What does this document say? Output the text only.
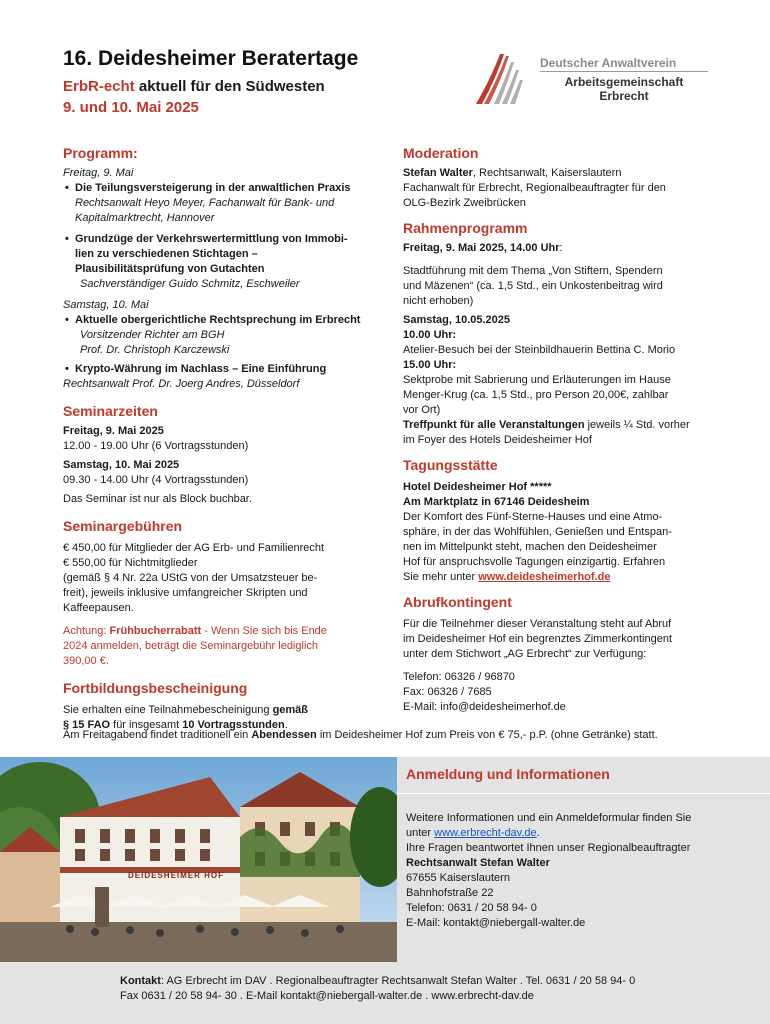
16. Deidesheimer Beratertage
ErbR-echt aktuell für den Südwesten
9. und 10. Mai 2025
Deutscher Anwaltverein
Arbeitsgemeinschaft
Erbrecht
Programm:
Freitag, 9. Mai
• Die Teilungsversteigerung in der anwaltlichen Praxis
Rechtsanwalt Heyo Meyer, Fachanwalt für Bank- und
Kapitalmarktrecht, Hannover
• Grundzüge der Verkehrswertermittlung von Immobi-
lien zu verschiedenen Stichtagen –
Plausibilitätsprüfung von Gutachten
Sachverständiger Guido Schmitz, Eschweiler
Samstag, 10. Mai
• Aktuelle obergerichtliche Rechtsprechung im Erbrecht
Vorsitzender Richter am BGH
Prof. Dr. Christoph Karczewski
• Krypto-Währung im Nachlass – Eine Einführung
Rechtsanwalt Prof. Dr. Joerg Andres, Düsseldorf
Seminarzeiten
Freitag, 9. Mai 2025
12.00 - 19.00 Uhr (6 Vortragsstunden)
Samstag, 10. Mai 2025
09.30 - 14.00 Uhr (4 Vortragsstunden)
Das Seminar ist nur als Block buchbar.
Seminargebühren
€ 450,00 für Mitglieder der AG Erb- und Familienrecht
€ 550,00 für Nichtmitglieder
(gemäß § 4 Nr. 22a UStG von der Umsatzsteuer be-
freit), jeweils inklusive umfangreicher Skripten und
Kaffeepausen.
Achtung: Frühbucherrabatt - Wenn Sie sich bis Ende
2024 anmelden, beträgt die Seminargebühr lediglich
390,00 €.
Fortbildungsbescheinigung
Sie erhalten eine Teilnahmebescheinigung gemäß
§ 15 FAO für insgesamt 10 Vortragsstunden.
Moderation
Stefan Walter, Rechtsanwalt, Kaiserslautern
Fachanwalt für Erbrecht, Regionalbeauftragter für den
OLG-Bezirk Zweibrücken
Rahmenprogramm
Freitag, 9. Mai 2025, 14.00 Uhr:
Stadtführung mit dem Thema „Von Stiftern, Spendern
und Mäzenen“ (ca. 1,5 Std., ein Unkostenbeitrag wird
nicht erhoben)
Samstag, 10.05.2025
10.00 Uhr:
Atelier-Besuch bei der Steinbildhauerin Bettina C. Morio
15.00 Uhr:
Sektprobe mit Sabrierung und Erläuterungen im Hause
Menger-Krug (ca. 1,5 Std., pro Person 20,00€, zahlbar
vor Ort)
Treffpunkt für alle Veranstaltungen jeweils ¼ Std. vorher
im Foyer des Hotels Deidesheimer Hof
Tagungsstätte
Hotel Deidesheimer Hof *****
Am Marktplatz in 67146 Deidesheim
Der Komfort des Fünf-Sterne-Hauses und eine Atmo-
sphäre, in der das Wohlfühlen, Genießen und Entspan-
nen im Mittelpunkt steht, machen den Deidesheimer
Hof für anspruchsvolle Tagungen einzigartig. Erfahren
Sie mehr unter www.deidesheimerhof.de
Abrufkontingent
Für die Teilnehmer dieser Veranstaltung steht auf Abruf
im Deidesheimer Hof ein begrenztes Zimmerkontingent
unter dem Stichwort „AG Erbrecht“ zur Verfügung:
Telefon: 06326 / 96870
Fax: 06326 / 7685
E-Mail: info@deidesheimerhof.de
Am Freitagabend findet traditionell ein Abendessen im Deidesheimer Hof zum Preis von € 75,- p.P. (ohne Getränke) statt.
DEIDESHEIMER HOF
Anmeldung und Informationen
Weitere Informationen und ein Anmeldeformular finden Sie
unter www.erbrecht-dav.de.
Ihre Fragen beantwortet Ihnen unser Regionalbeauftragter
Rechtsanwalt Stefan Walter
67655 Kaiserslautern
Bahnhofstraße 22
Telefon: 0631 / 20 58 94- 0
E-Mail: kontakt@niebergall-walter.de
Kontakt: AG Erbrecht im DAV . Regionalbeauftragter Rechtsanwalt Stefan Walter . Tel. 0631 / 20 58 94- 0
Fax 0631 / 20 58 94- 30 . E-Mail kontakt@niebergall-walter.de . www.erbrecht-dav.de
